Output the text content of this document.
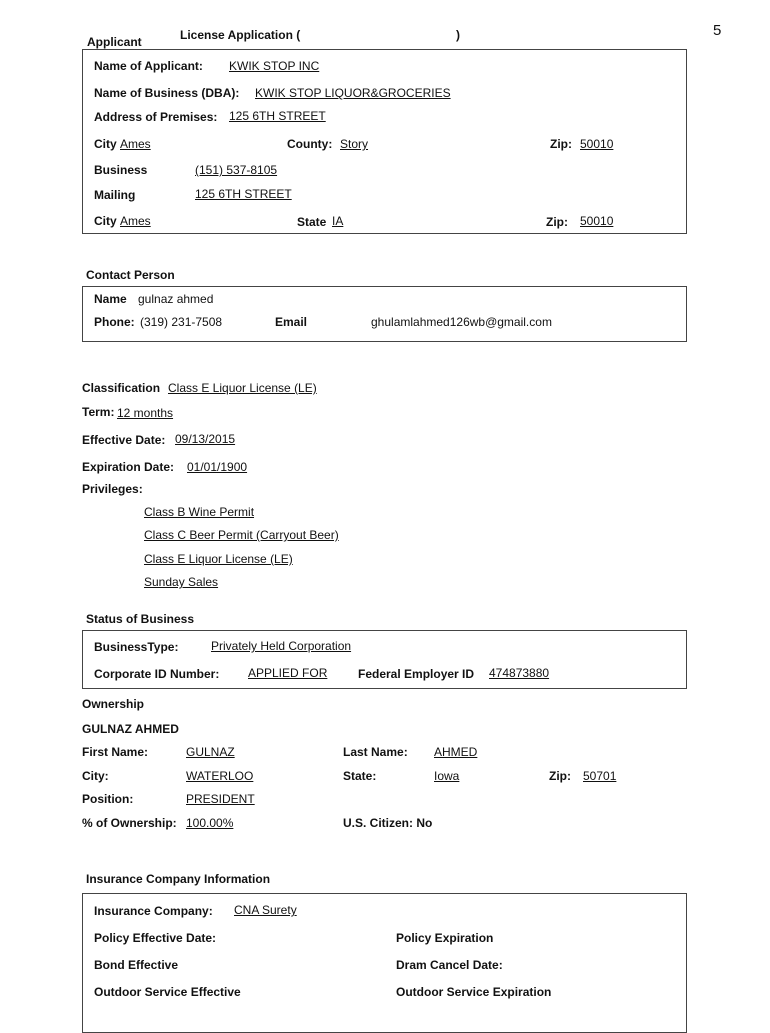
5
Applicant	License Application (	)
Name of Applicant: KWIK STOP INC
Name of Business (DBA): KWIK STOP LIQUOR&GROCERIES
Address of Premises: 125 6TH STREET
City Ames	County: Story	Zip: 50010
Business	(151) 537-8105
Mailing	125 6TH STREET
City Ames	State IA	Zip: 50010
Contact Person
Name gulnaz ahmed
Phone: (319) 231-7508	Email	ghulamlahmed126wb@gmail.com
Classification Class E Liquor License (LE)
Term: 12 months
Effective Date: 09/13/2015
Expiration Date: 01/01/1900
Privileges:
Class B Wine Permit
Class C Beer Permit (Carryout Beer)
Class E Liquor License (LE)
Sunday Sales
Status of Business
BusinessType:	Privately Held Corporation
Corporate ID Number: APPLIED FOR	Federal Employer ID 474873880
Ownership
GULNAZ AHMED
First Name:	GULNAZ	Last Name: AHMED
City:	WATERLOO	State:	Iowa	Zip: 50701
Position:	PRESIDENT
% of Ownership: 100.00%	U.S. Citizen: No
Insurance Company Information
Insurance Company: CNA Surety
Policy Effective Date:	Policy Expiration
Bond Effective	Dram Cancel Date:
Outdoor Service Effective	Outdoor Service Expiration
